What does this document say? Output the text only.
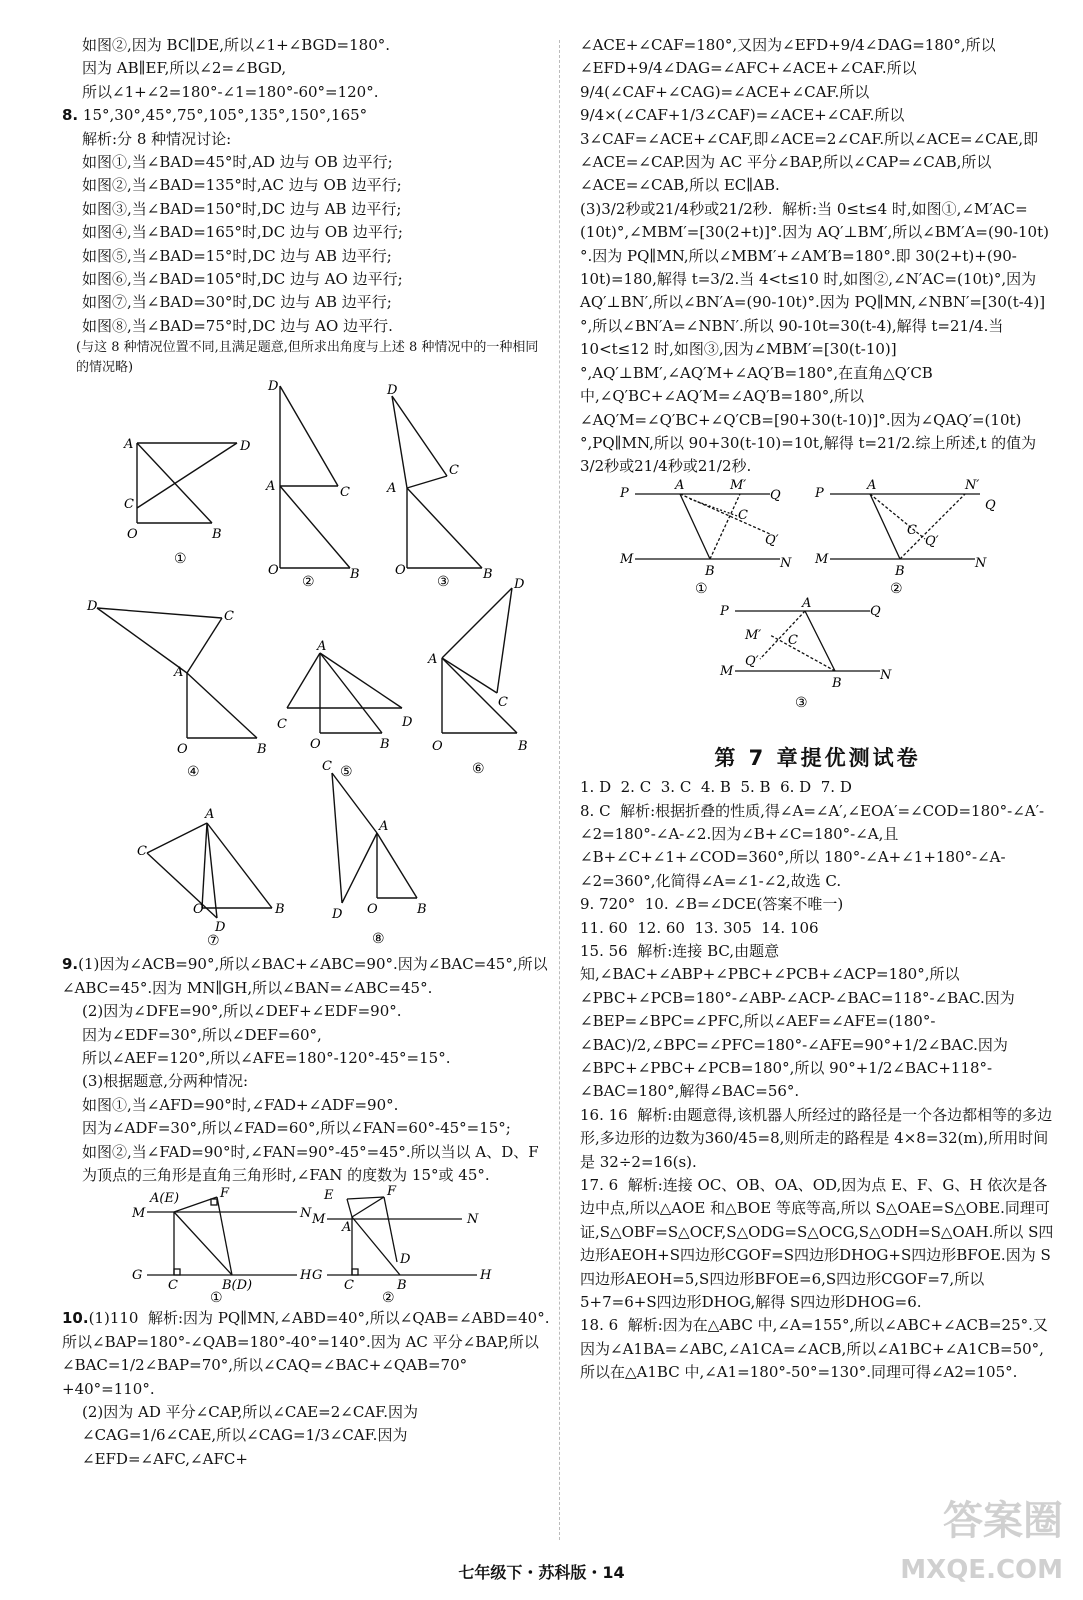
如图②,因为 BC∥DE,所以∠1+∠BGD=180°.
因为 AB∥EF,所以∠2=∠BGD,
所以∠1+∠2=180°-∠1=180°-60°=120°.
8. 15°,30°,45°,75°,105°,135°,150°,165°
解析:分 8 种情况讨论:
如图①,当∠BAD=45°时,AD 边与 OB 边平行;
如图②,当∠BAD=135°时,AC 边与 OB 边平行;
如图③,当∠BAD=150°时,DC 边与 AB 边平行;
如图④,当∠BAD=165°时,DC 边与 OB 边平行;
如图⑤,当∠BAD=15°时,DC 边与 AB 边平行;
如图⑥,当∠BAD=105°时,DC 边与 AO 边平行;
如图⑦,当∠BAD=30°时,DC 边与 AB 边平行;
如图⑧,当∠BAD=75°时,DC 边与 AO 边平行.
(与这 8 种情况位置不同,且满足题意,但所求出角度与上述 8 种情况中的一种相同的情况略)
A	D
C
O	B
①
D
A	C
O	B
②
D
A
C
O	B
③
D
C
A
O	B
④
A
C	D
O	B
⑤
D
A
C
O	B
⑥
C
A
O
D
B
⑦
C
A
D O	B
⑧
9.(1)因为∠ACB=90°,所以∠BAC+∠ABC=90°.因为∠BAC=45°,所以∠ABC=45°.因为 MN∥GH,所以∠BAN=∠ABC=45°.
(2)因为∠DFE=90°,所以∠DEF+∠EDF=90°.
因为∠EDF=30°,所以∠DEF=60°,
所以∠AEF=120°,所以∠AFE=180°-120°-45°=15°.
(3)根据题意,分两种情况:
如图①,当∠AFD=90°时,∠FAD+∠ADF=90°.
因为∠ADF=30°,所以∠FAD=60°,所以∠FAN=60°-45°=15°;
如图②,当∠FAD=90°时,∠FAN=90°-45°=45°.所以当以 A、D、F 为顶点的三角形是直角三角形时,∠FAN 的度数为 15°或 45°.
A(E)	F
M	N
G
C	B(D)
H
①
E	F
M
A
N
D
G
C	B
H
②
10.(1)110  解析:因为 PQ∥MN,∠ABD=40°,所以∠QAB=∠ABD=40°.所以∠BAP=180°-∠QAB=180°-40°=140°.因为 AC 平分∠BAP,所以∠BAC=1/2∠BAP=70°,所以∠CAQ=∠BAC+∠QAB=70°+40°=110°.
(2)因为 AD 平分∠CAP,所以∠CAE=2∠CAF.因为∠CAG=1/6∠CAE,所以∠CAG=1/3∠CAF.因为∠EFD=∠AFC,∠AFC+
∠ACE+∠CAF=180°,又因为∠EFD+9/4∠DAG=180°,所以∠EFD+9/4∠DAG=∠AFC+∠ACE+∠CAF.所以9/4(∠CAF+∠CAG)=∠ACE+∠CAF.所以9/4×(∠CAF+1/3∠CAF)=∠ACE+∠CAF.所以 3∠CAF=∠ACE+∠CAF,即∠ACE=2∠CAF.所以∠ACE=∠CAE,即∠ACE=∠CAP.因为 AC 平分∠BAP,所以∠CAP=∠CAB,所以∠ACE=∠CAB,所以 EC∥AB.
(3)3/2秒或21/4秒或21/2秒.  解析:当 0≤t≤4 时,如图①,∠M′AC=(10t)°,∠MBM′=[30(2+t)]°.因为 AQ′⊥BM′,所以∠BM′A=(90-10t)°.因为 PQ∥MN,所以∠MBM′+∠AM′B=180°.即 30(2+t)+(90-10t)=180,解得 t=3/2.当 4<t≤10 时,如图②,∠N′AC=(10t)°,因为 AQ′⊥BN′,所以∠BN′A=(90-10t)°.因为 PQ∥MN,∠NBN′=[30(t-4)]°,所以∠BN′A=∠NBN′.所以 90-10t=30(t-4),解得 t=21/4.当 10<t≤12 时,如图③,因为∠MBM′=[30(t-10)]°,AQ′⊥BM′,∠AQ′M+∠AQ′B=180°,在直角△Q′CB 中,∠Q′BC+∠AQ′M=∠AQ′B=180°,所以∠AQ′M=∠Q′BC+∠Q′CB=[90+30(t-10)]°.因为∠QAQ′=(10t)°,PQ∥MN,所以 90+30(t-10)=10t,解得 t=21/2.综上所述,t 的值为3/2秒或21/4秒或21/2秒.
P
A	M′
Q
C
Q′
M
B
N
①
P
A	N′
Q
C
Q′
M
B
N
②
P
A
Q
M′ C
Q′
M
B
N
③
第 7 章提优测试卷
1. D  2. C  3. C  4. B  5. B  6. D  7. D
8. C  解析:根据折叠的性质,得∠A=∠A′,∠EOA′=∠COD=180°-∠A′-∠2=180°-∠A-∠2.因为∠B+∠C=180°-∠A,且∠B+∠C+∠1+∠COD=360°,所以 180°-∠A+∠1+180°-∠A-∠2=360°,化简得∠A=∠1-∠2,故选 C.
9. 720°  10. ∠B=∠DCE(答案不唯一)
11. 60  12. 60  13. 305  14. 106
15. 56  解析:连接 BC,由题意知,∠BAC+∠ABP+∠PBC+∠PCB+∠ACP=180°,所以∠PBC+∠PCB=180°-∠ABP-∠ACP-∠BAC=118°-∠BAC.因为∠BEP=∠BPC=∠PFC,所以∠AEF=∠AFE=(180°-∠BAC)/2,∠BPC=∠PFC=180°-∠AFE=90°+1/2∠BAC.因为∠BPC+∠PBC+∠PCB=180°,所以 90°+1/2∠BAC+118°-∠BAC=180°,解得∠BAC=56°.
16. 16  解析:由题意得,该机器人所经过的路径是一个各边都相等的多边形,多边形的边数为360/45=8,则所走的路程是 4×8=32(m),所用时间是 32÷2=16(s).
17. 6  解析:连接 OC、OB、OA、OD,因为点 E、F、G、H 依次是各边中点,所以△AOE 和△BOE 等底等高,所以 S△OAE=S△OBE.同理可证,S△OBF=S△OCF,S△ODG=S△OCG,S△ODH=S△OAH.所以 S四边形AEOH+S四边形CGOF=S四边形DHOG+S四边形BFOE.因为 S四边形AEOH=5,S四边形BFOE=6,S四边形CGOF=7,所以 5+7=6+S四边形DHOG,解得 S四边形DHOG=6.
18. 6  解析:因为在△ABC 中,∠A=155°,所以∠ABC+∠ACB=25°.又因为∠A1BA=∠ABC,∠A1CA=∠ACB,所以∠A1BC+∠A1CB=50°,所以在△A1BC 中,∠A1=180°-50°=130°.同理可得∠A2=105°.
七年级下・苏科版・14
答案圈
MXQE.COM
